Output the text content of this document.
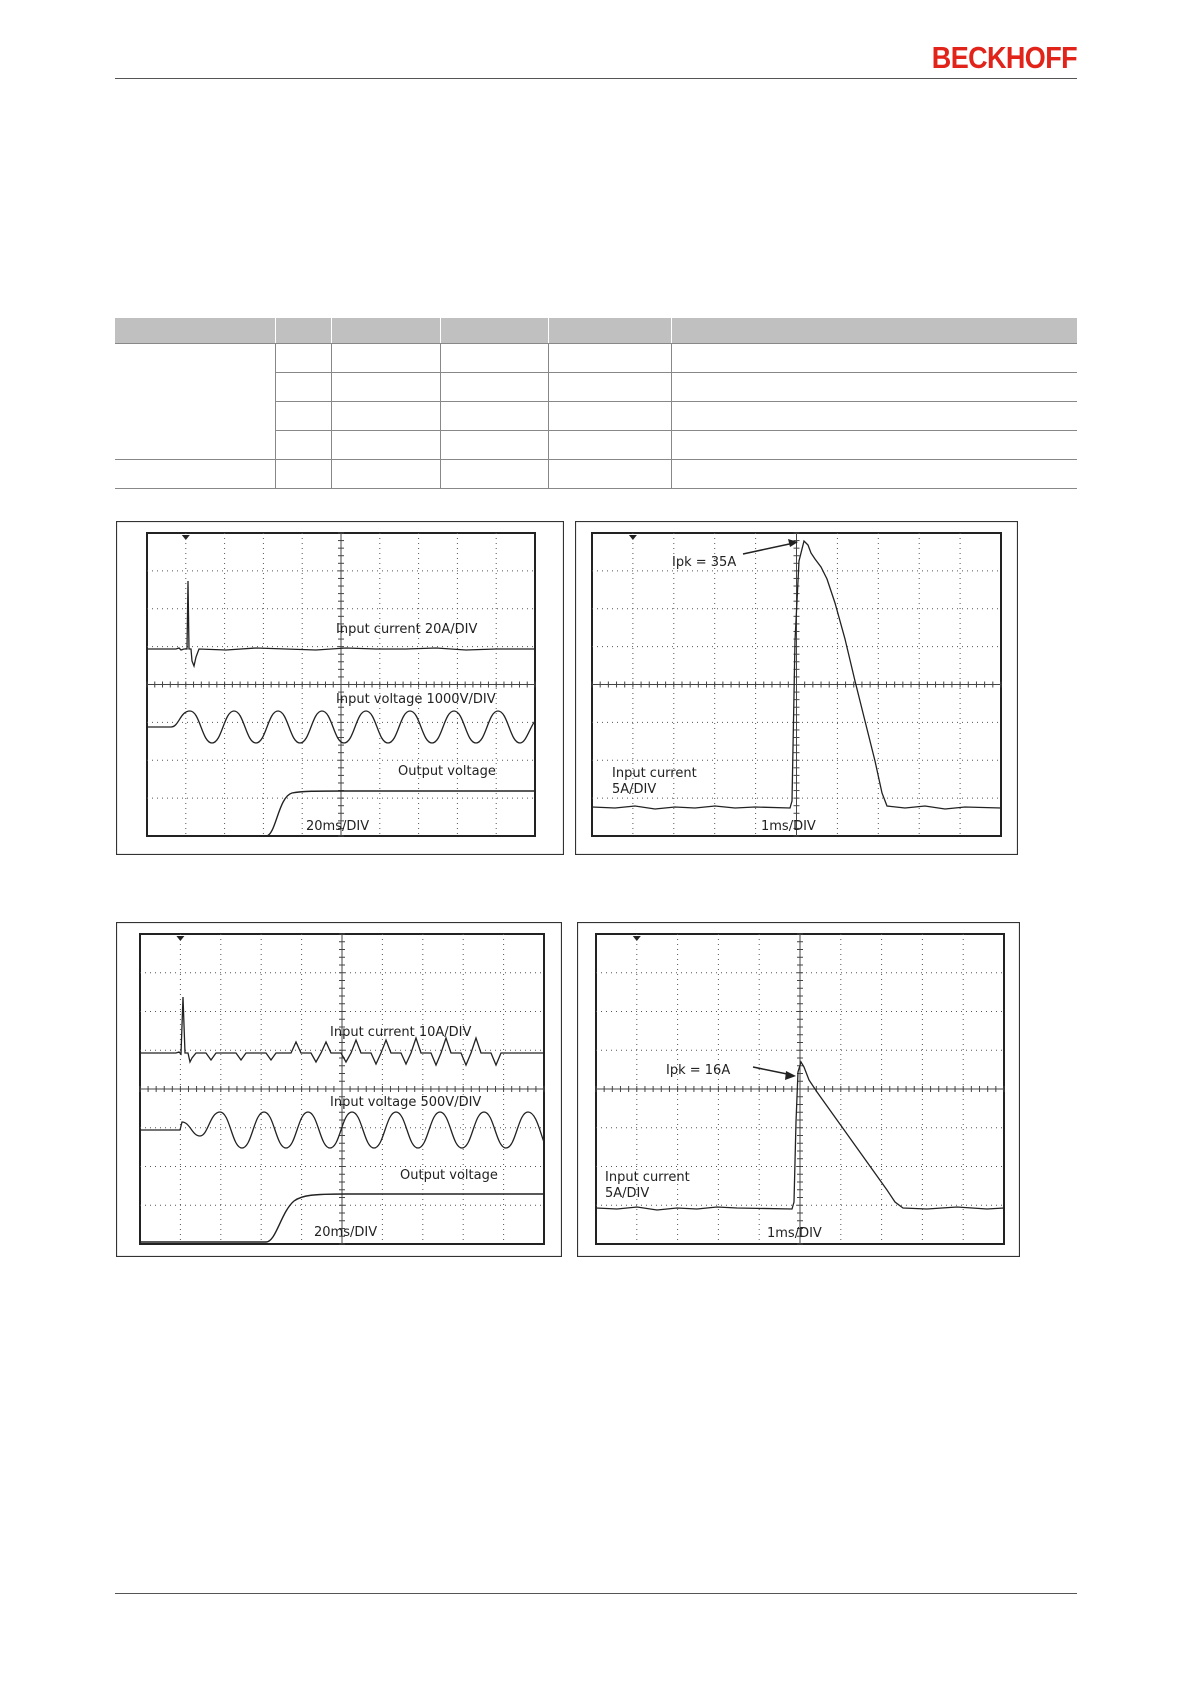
BECKHOFF

Input current 20A/DIV
Input voltage 1000V/DIV
Output voltage
20ms/DIV
Ipk = 35A
Input current
5A/DIV
1ms/DIV
Input current 10A/DIV
Input voltage 500V/DIV
Output voltage
20ms/DIV
Ipk = 16A
Input current
5A/DIV
1ms/DIV
